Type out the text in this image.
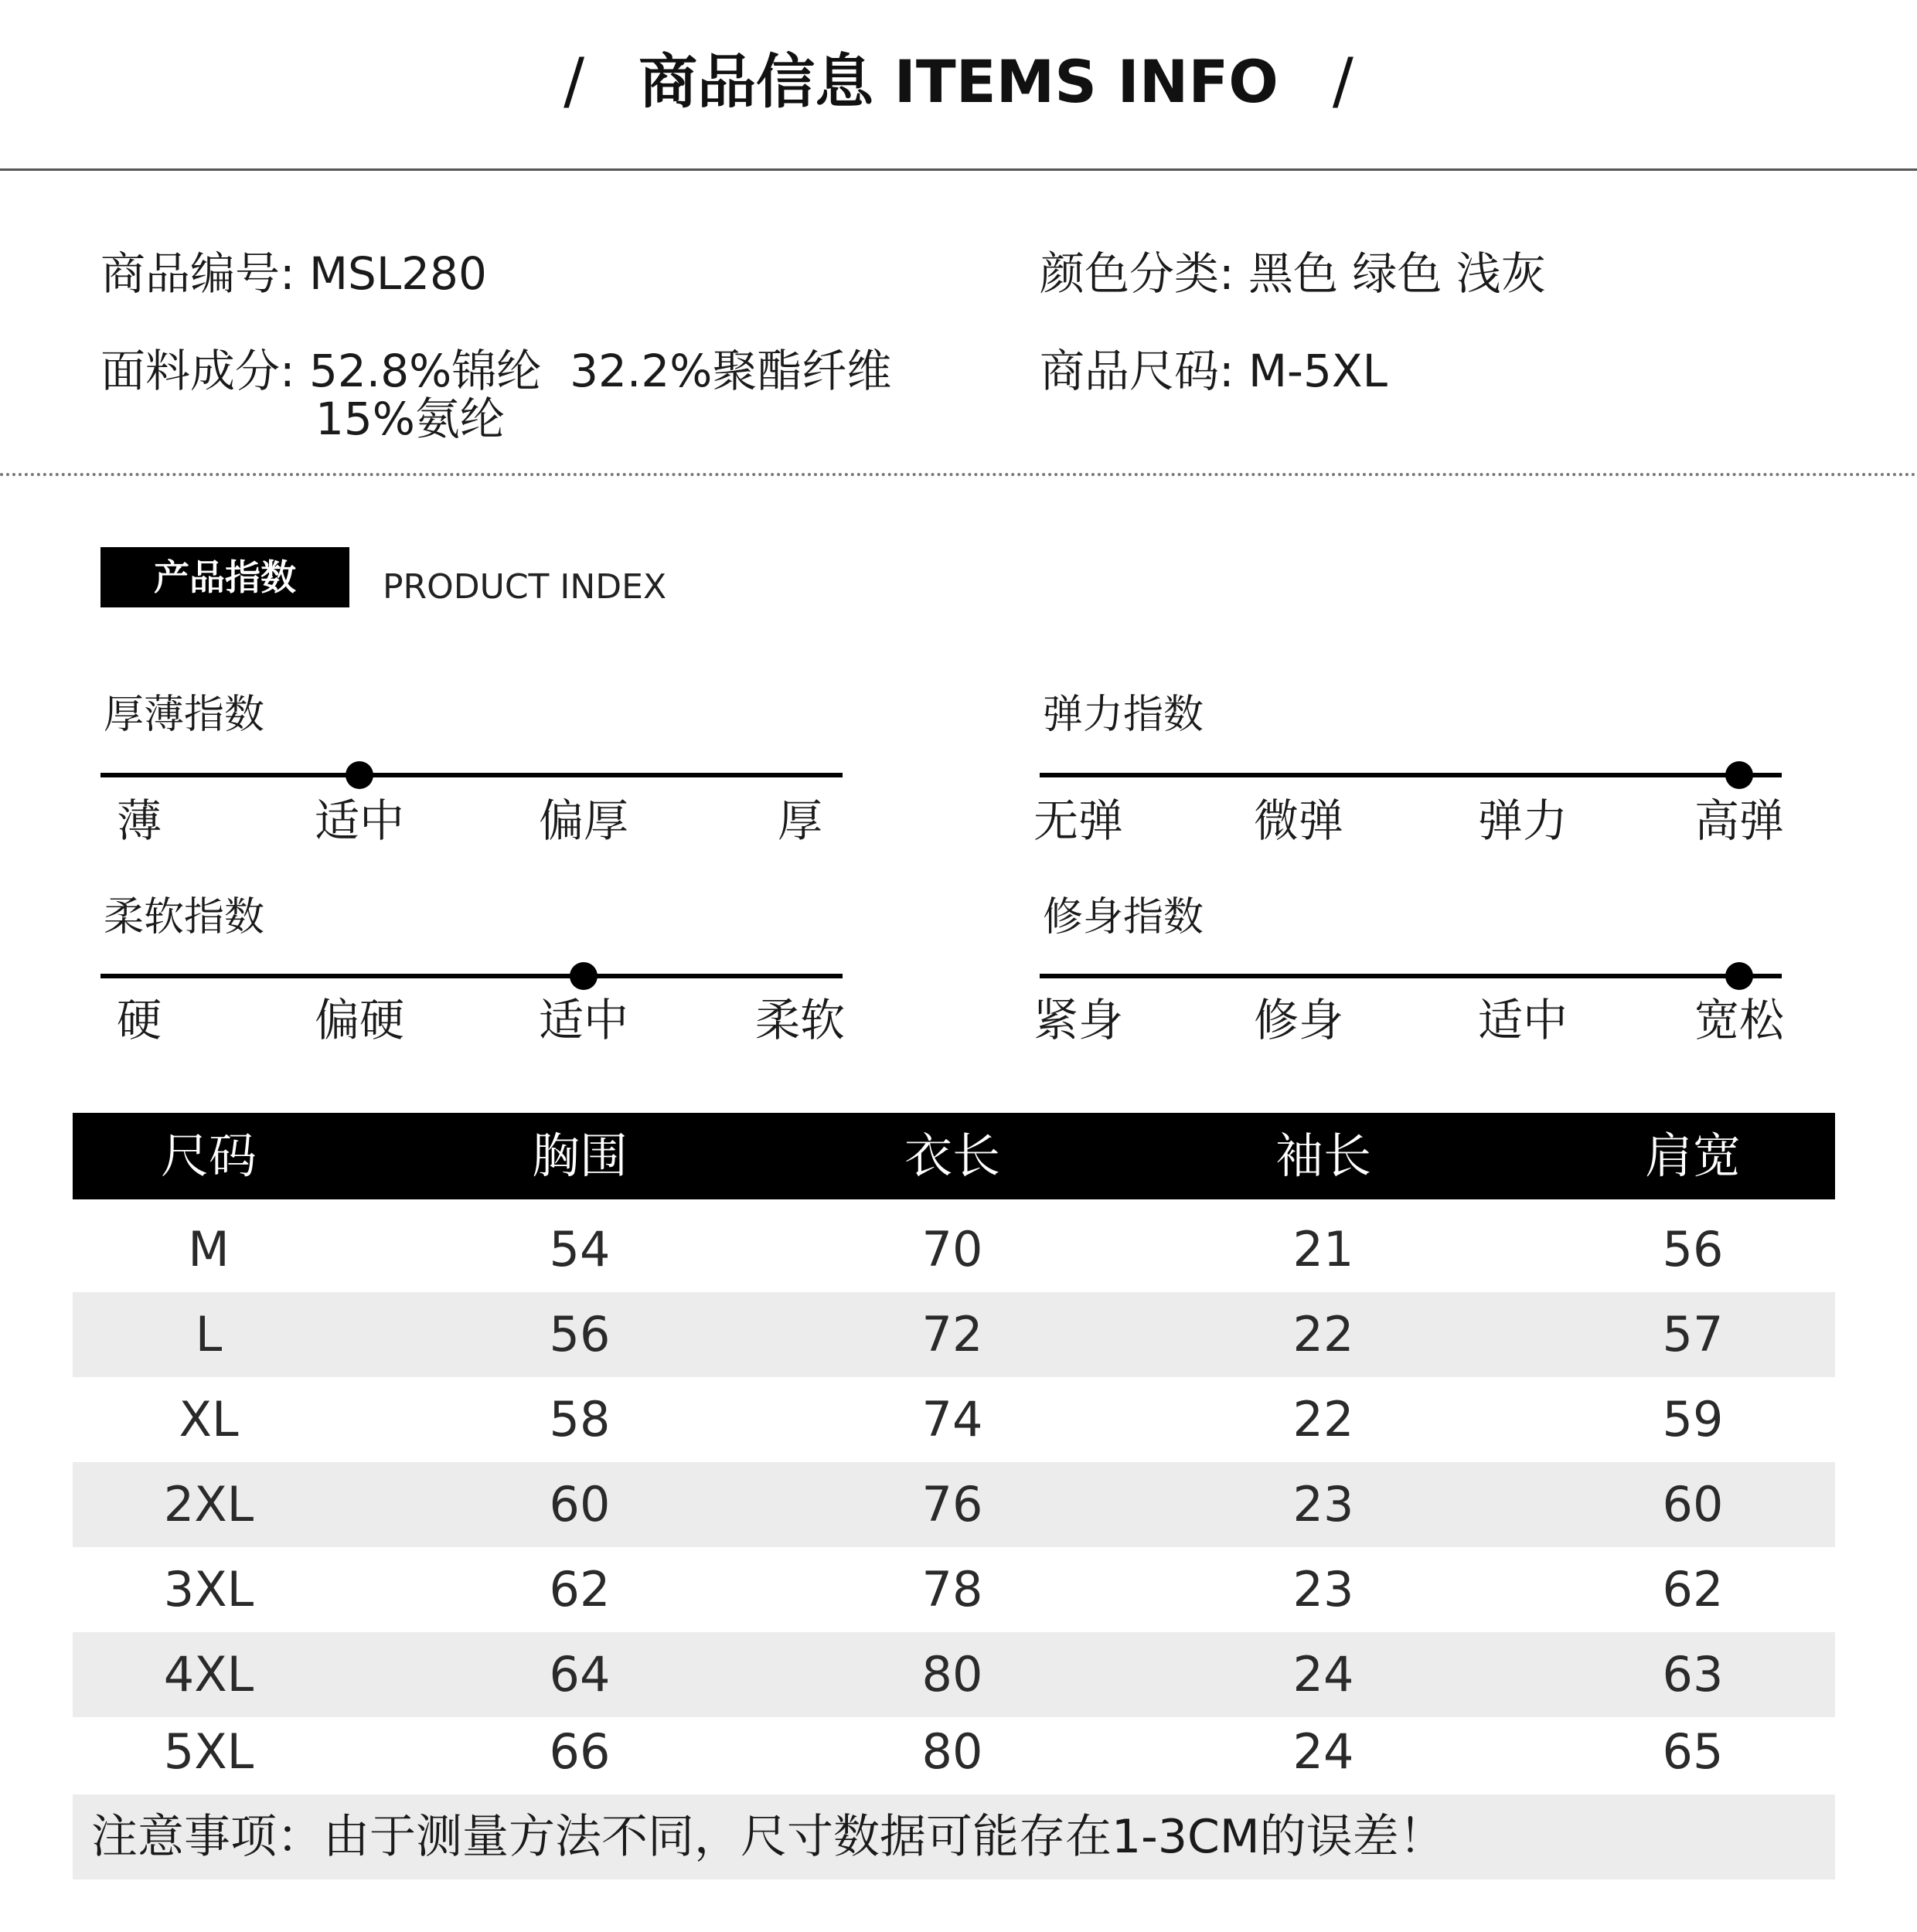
/ 商品信息 ITEMS INFO /
商品编号: MSL280	颜色分类: 黑色 绿色 浅灰
面料成分: 52.8%锦纶  32.2%聚酯纤维
15%氨纶
商品尺码: M-5XL
产品指数	PRODUCT INDEX
厚薄指数
薄	适中	偏厚	厚
弹力指数
无弹	微弹	弹力	高弹
柔软指数
硬	偏硬	适中	柔软
修身指数
紧身	修身	适中	宽松
尺码	胸围	衣长	袖长	肩宽
M	54	70	21	56
L	56	72	22	57
XL	58	74	22	59
2XL	60	76	23	60
3XL	62	78	23	62
4XL	64	80	24	63
5XL	66	80	24	65
注意事项：由于测量方法不同，尺寸数据可能存在1-3CM的误差！
